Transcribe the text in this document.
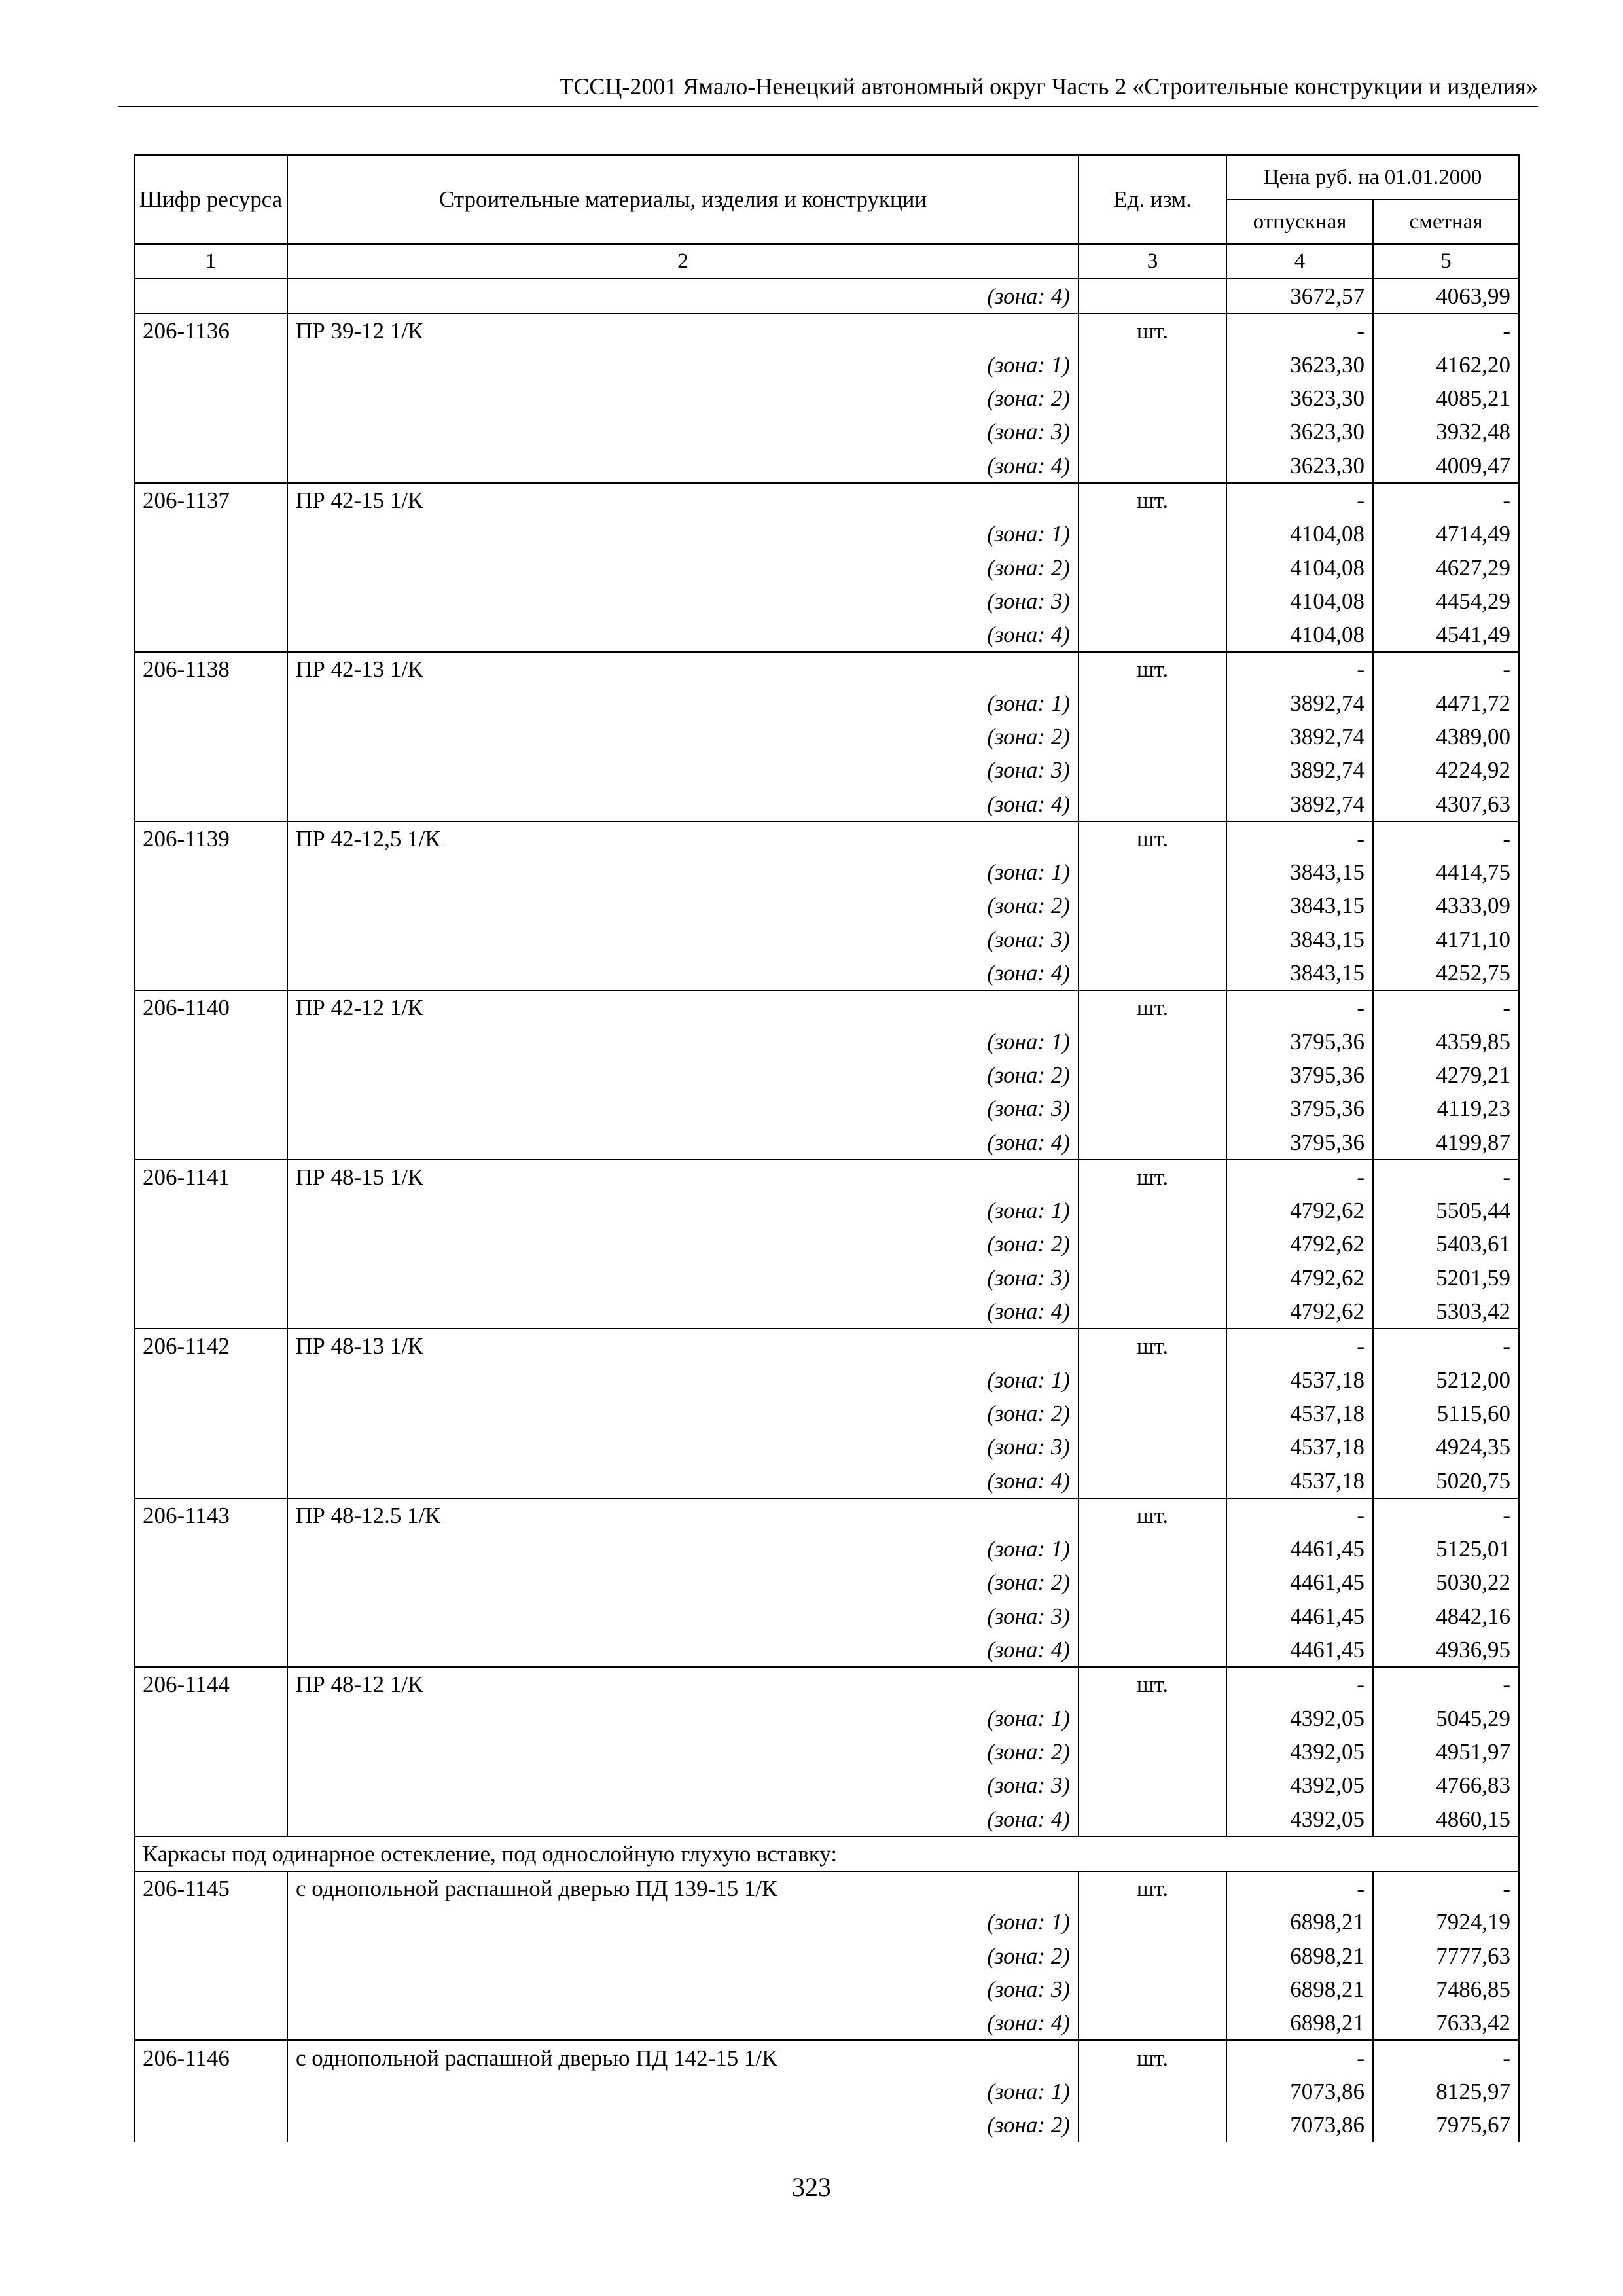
ТССЦ-2001 Ямало-Ненецкий автономный округ Часть 2 «Строительные конструкции и изделия»
Шифр ресурса	Строительные материалы, изделия и конструкции	Ед. изм.	Цена руб. на 01.01.2000	
			отпускная	сметная
1	2	3	4	5
	(зона: 4)		3672,57	4063,99
206-1136	ПР 39-12 1/К	шт.	-	-
	(зона: 1)		3623,30	4162,20
	(зона: 2)		3623,30	4085,21
	(зона: 3)		3623,30	3932,48
	(зона: 4)		3623,30	4009,47
206-1137	ПР 42-15 1/К	шт.	-	-
	(зона: 1)		4104,08	4714,49
	(зона: 2)		4104,08	4627,29
	(зона: 3)		4104,08	4454,29
	(зона: 4)		4104,08	4541,49
206-1138	ПР 42-13 1/К	шт.	-	-
	(зона: 1)		3892,74	4471,72
	(зона: 2)		3892,74	4389,00
	(зона: 3)		3892,74	4224,92
	(зона: 4)		3892,74	4307,63
206-1139	ПР 42-12,5 1/К	шт.	-	-
	(зона: 1)		3843,15	4414,75
	(зона: 2)		3843,15	4333,09
	(зона: 3)		3843,15	4171,10
	(зона: 4)		3843,15	4252,75
206-1140	ПР 42-12 1/К	шт.	-	-
	(зона: 1)		3795,36	4359,85
	(зона: 2)		3795,36	4279,21
	(зона: 3)		3795,36	4119,23
	(зона: 4)		3795,36	4199,87
206-1141	ПР 48-15 1/К	шт.	-	-
	(зона: 1)		4792,62	5505,44
	(зона: 2)		4792,62	5403,61
	(зона: 3)		4792,62	5201,59
	(зона: 4)		4792,62	5303,42
206-1142	ПР 48-13 1/К	шт.	-	-
	(зона: 1)		4537,18	5212,00
	(зона: 2)		4537,18	5115,60
	(зона: 3)		4537,18	4924,35
	(зона: 4)		4537,18	5020,75
206-1143	ПР 48-12.5 1/К	шт.	-	-
	(зона: 1)		4461,45	5125,01
	(зона: 2)		4461,45	5030,22
	(зона: 3)		4461,45	4842,16
	(зона: 4)		4461,45	4936,95
206-1144	ПР 48-12 1/К	шт.	-	-
	(зона: 1)		4392,05	5045,29
	(зона: 2)		4392,05	4951,97
	(зона: 3)		4392,05	4766,83
	(зона: 4)		4392,05	4860,15
Каркасы под одинарное остекление, под однослойную глухую вставку:				
206-1145	с однопольной распашной дверью ПД 139-15 1/К	шт.	-	-
	(зона: 1)		6898,21	7924,19
	(зона: 2)		6898,21	7777,63
	(зона: 3)		6898,21	7486,85
	(зона: 4)		6898,21	7633,42
206-1146	с однопольной распашной дверью ПД 142-15 1/К	шт.	-	-
	(зона: 1)		7073,86	8125,97
	(зона: 2)		7073,86	7975,67
323
